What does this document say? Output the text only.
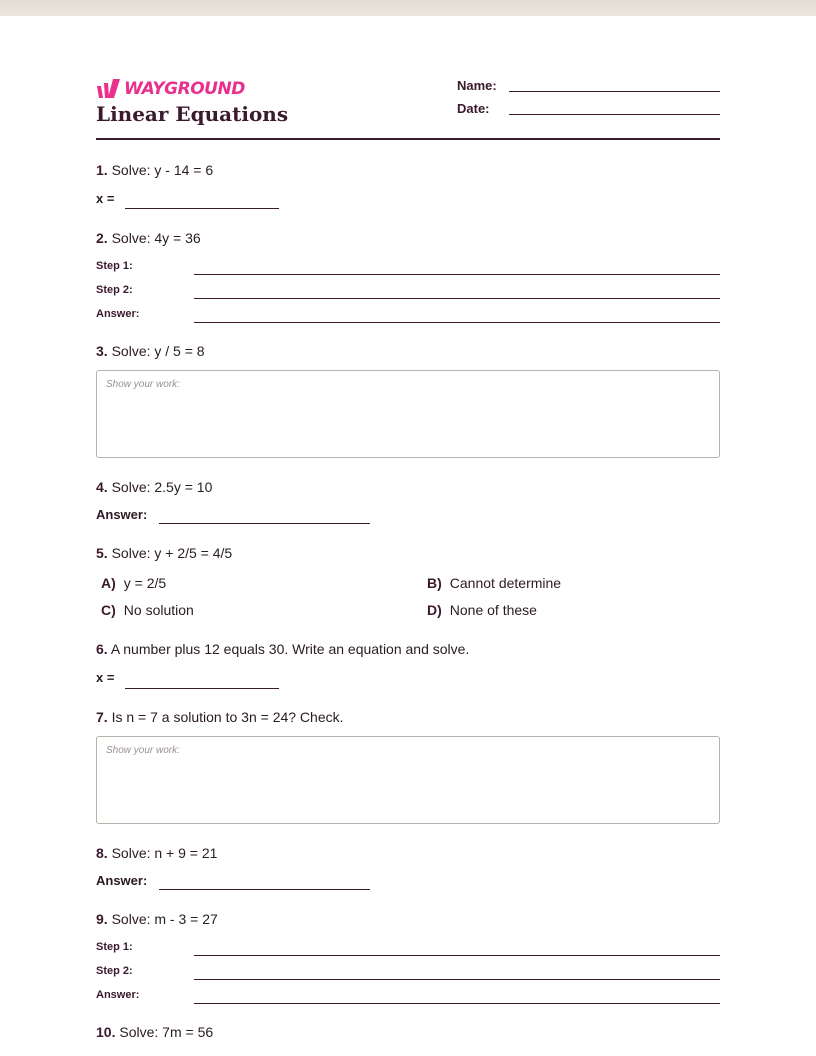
WAYGROUND
Linear Equations
Name:
Date:
1. Solve: y - 14 = 6
x =
2. Solve: 4y = 36
Step 1:
Step 2:
Answer:
3. Solve: y / 5 = 8
Show your work:
4. Solve: 2.5y = 10
Answer:
5. Solve: y + 2/5 = 4/5
A) y = 2/5	B) Cannot determine
C) No solution	D) None of these
6. A number plus 12 equals 30. Write an equation and solve.
x =
7. Is n = 7 a solution to 3n = 24? Check.
Show your work:
8. Solve: n + 9 = 21
Answer:
9. Solve: m - 3 = 27
Step 1:
Step 2:
Answer:
10. Solve: 7m = 56
